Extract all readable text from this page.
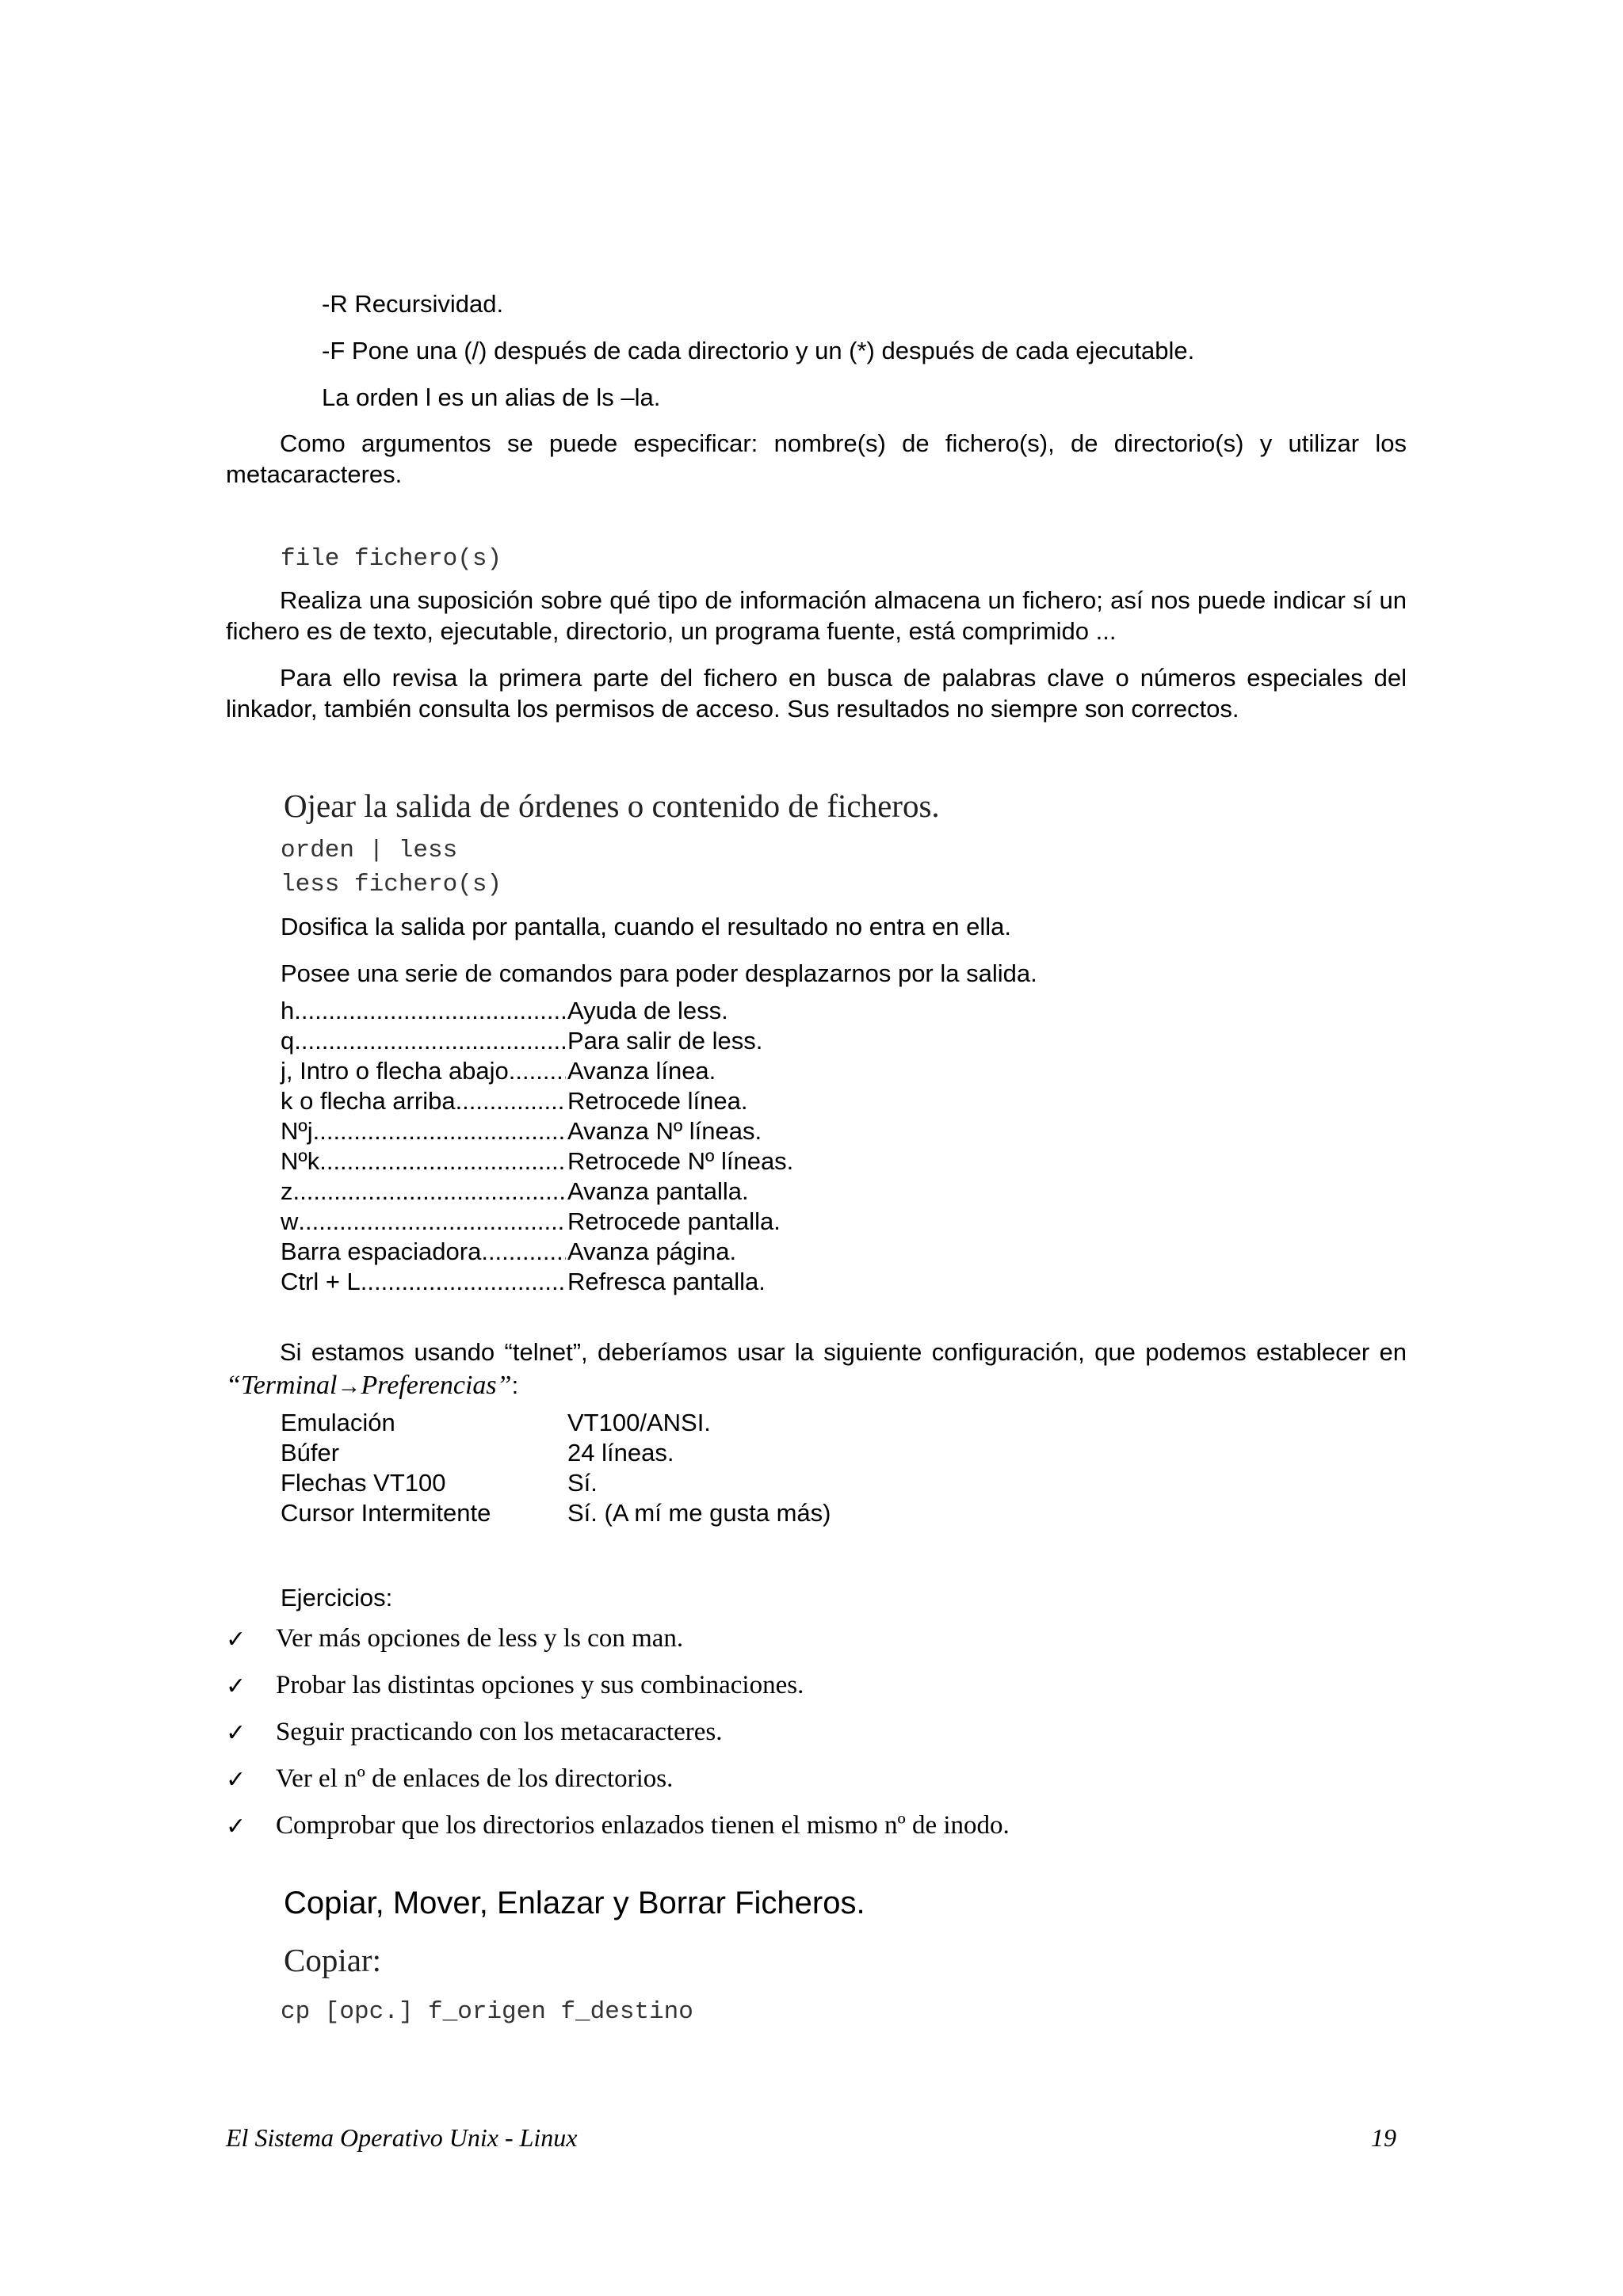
-R Recursividad.
-F Pone una (/) después de cada directorio y un (*) después de cada ejecutable.
La orden l es un alias de ls –la.
Como argumentos se puede especificar: nombre(s) de fichero(s), de directorio(s) y utilizar los metacaracteres.
file fichero(s)
Realiza una suposición sobre qué tipo de información almacena un fichero; así nos puede indicar sí un fichero es de texto, ejecutable, directorio, un programa fuente, está comprimido ...
Para ello revisa la primera parte del fichero en busca de palabras clave o números especiales del linkador, también consulta los permisos de acceso. Sus resultados no siempre son correctos.
Ojear la salida de órdenes o contenido de ficheros.
orden | less
less fichero(s)
Dosifica la salida por pantalla, cuando el resultado no entra en ella.
Posee una serie de comandos para poder desplazarnos por la salida.
h .....	Ayuda de less.
q .....	Para salir de less.
j, Intro o flecha abajo ..... Avanza línea.
k o flecha arriba .....	Retrocede línea.
Nºj .....	Avanza Nº líneas.
Nºk .....	Retrocede Nº líneas.
z .....	Avanza pantalla.
w .....	Retrocede pantalla.
Barra espaciadora .....	Avanza página.
Ctrl + L .....	Refresca pantalla.
Si estamos usando “telnet”, deberíamos usar la siguiente configuración, que podemos establecer en “Terminal→Preferencias”:
Emulación	VT100/ANSI.
Búfer	24 líneas.
Flechas VT100	Sí.
Cursor Intermitente	Sí. (A mí me gusta más)
Ejercicios:
✓ Ver más opciones de less y ls con man.
✓ Probar las distintas opciones y sus combinaciones.
✓ Seguir practicando con los metacaracteres.
✓ Ver el nº de enlaces de los directorios.
✓ Comprobar que los directorios enlazados tienen el mismo nº de inodo.
Copiar, Mover, Enlazar y Borrar Ficheros.
Copiar:
cp [opc.] f_origen f_destino
El Sistema Operativo Unix - Linux	19
